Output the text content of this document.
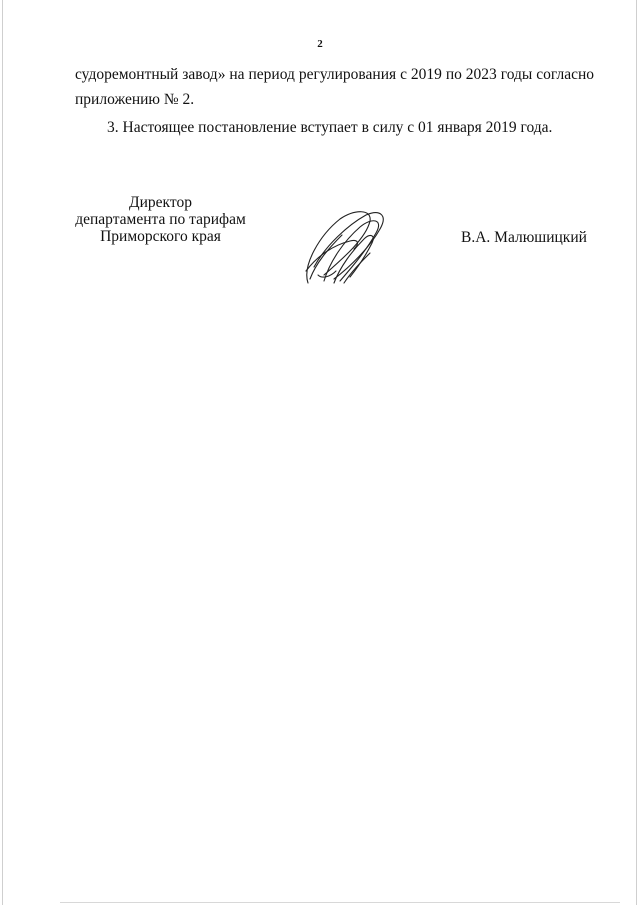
2
судоремонтный завод» на период регулирования с 2019 по 2023 годы согласно
приложению № 2.
3. Настоящее постановление вступает в силу с 01 января 2019 года.
Директор
департамента по тарифам
Приморского края	В.А. Малюшицкий
